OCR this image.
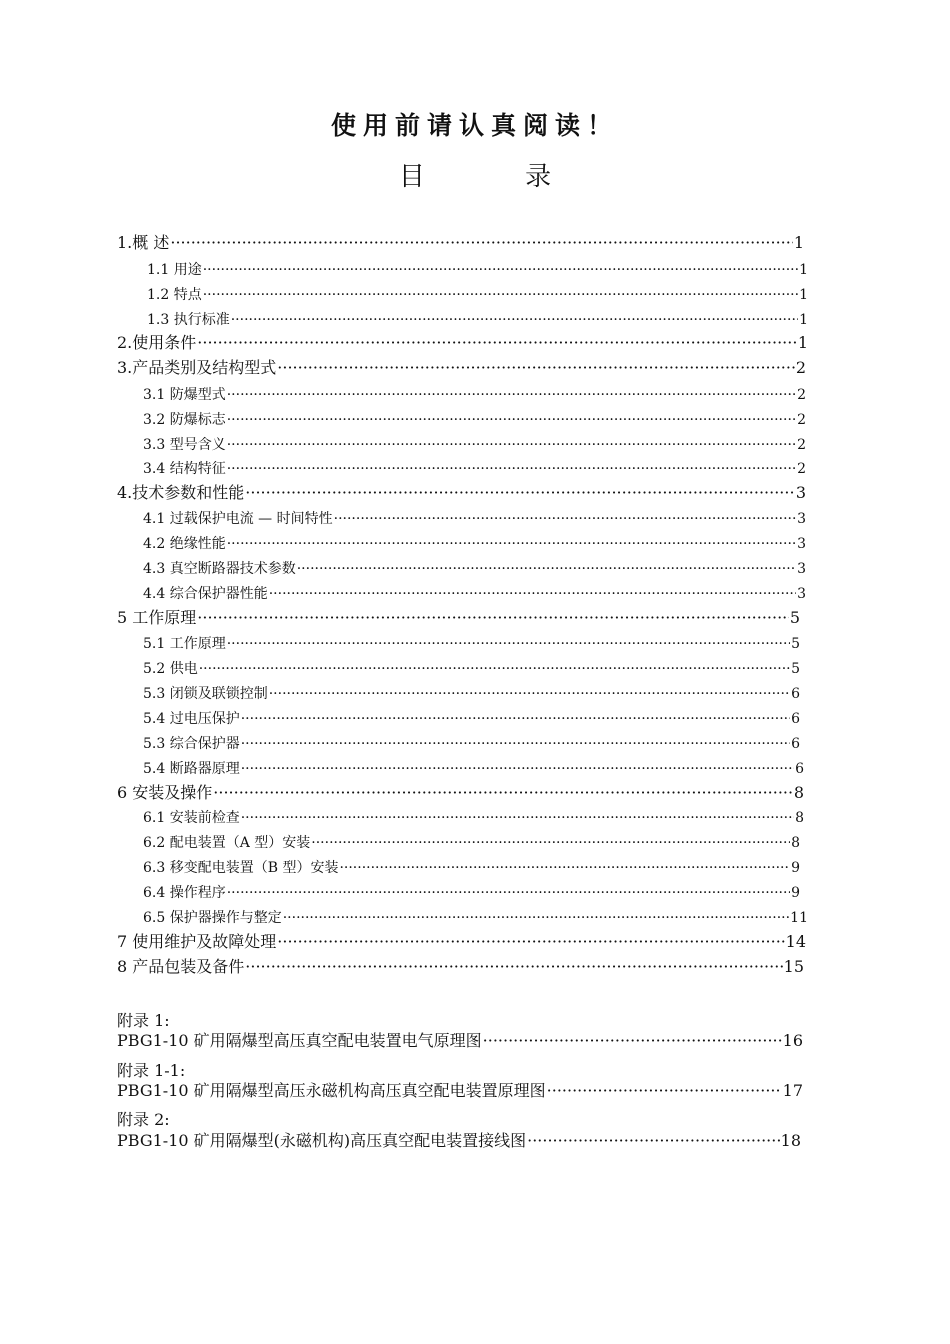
使用前请认真阅读！
目 录
1.概 述 ·····	1
1.1 用途 ·····	1
1.2 特点 ·····	1
1.3 执行标准 ·····	1
2.使用条件 ·····	1
3.产品类别及结构型式 ·····	2
3.1 防爆型式 ·····	2
3.2 防爆标志 ·····	2
3.3 型号含义 ·····	2
3.4 结构特征 ·····	2
4.技术参数和性能 ·····	3
4.1 过载保护电流 — 时间特性 ·····	3
4.2 绝缘性能 ·····	3
4.3 真空断路器技术参数 ·····	3
4.4 综合保护器性能 ·····	3
5 工作原理 ·····	5
5.1 工作原理 ·····	5
5.2 供电 ·····	5
5.3 闭锁及联锁控制 ·····	6
5.4 过电压保护 ·····	6
5.3 综合保护器 ·····	6
5.4 断路器原理 ·····	6
6 安装及操作 ·····	8
6.1 安装前检查 ·····	8
6.2 配电装置（A 型）安装 ·····	8
6.3 移变配电装置（B 型）安装 ·····	9
6.4 操作程序 ·····	9
6.5 保护器操作与整定 ·····	11
7 使用维护及故障处理 ·····	14
8 产品包装及备件 ·····	15
附录 1:
PBG1-10 矿用隔爆型高压真空配电装置电气原理图 ·····	16
附录 1-1:
PBG1-10 矿用隔爆型高压永磁机构高压真空配电装置原理图 ·····	17
附录 2:
PBG1-10 矿用隔爆型(永磁机构)高压真空配电装置接线图 ·····	18
